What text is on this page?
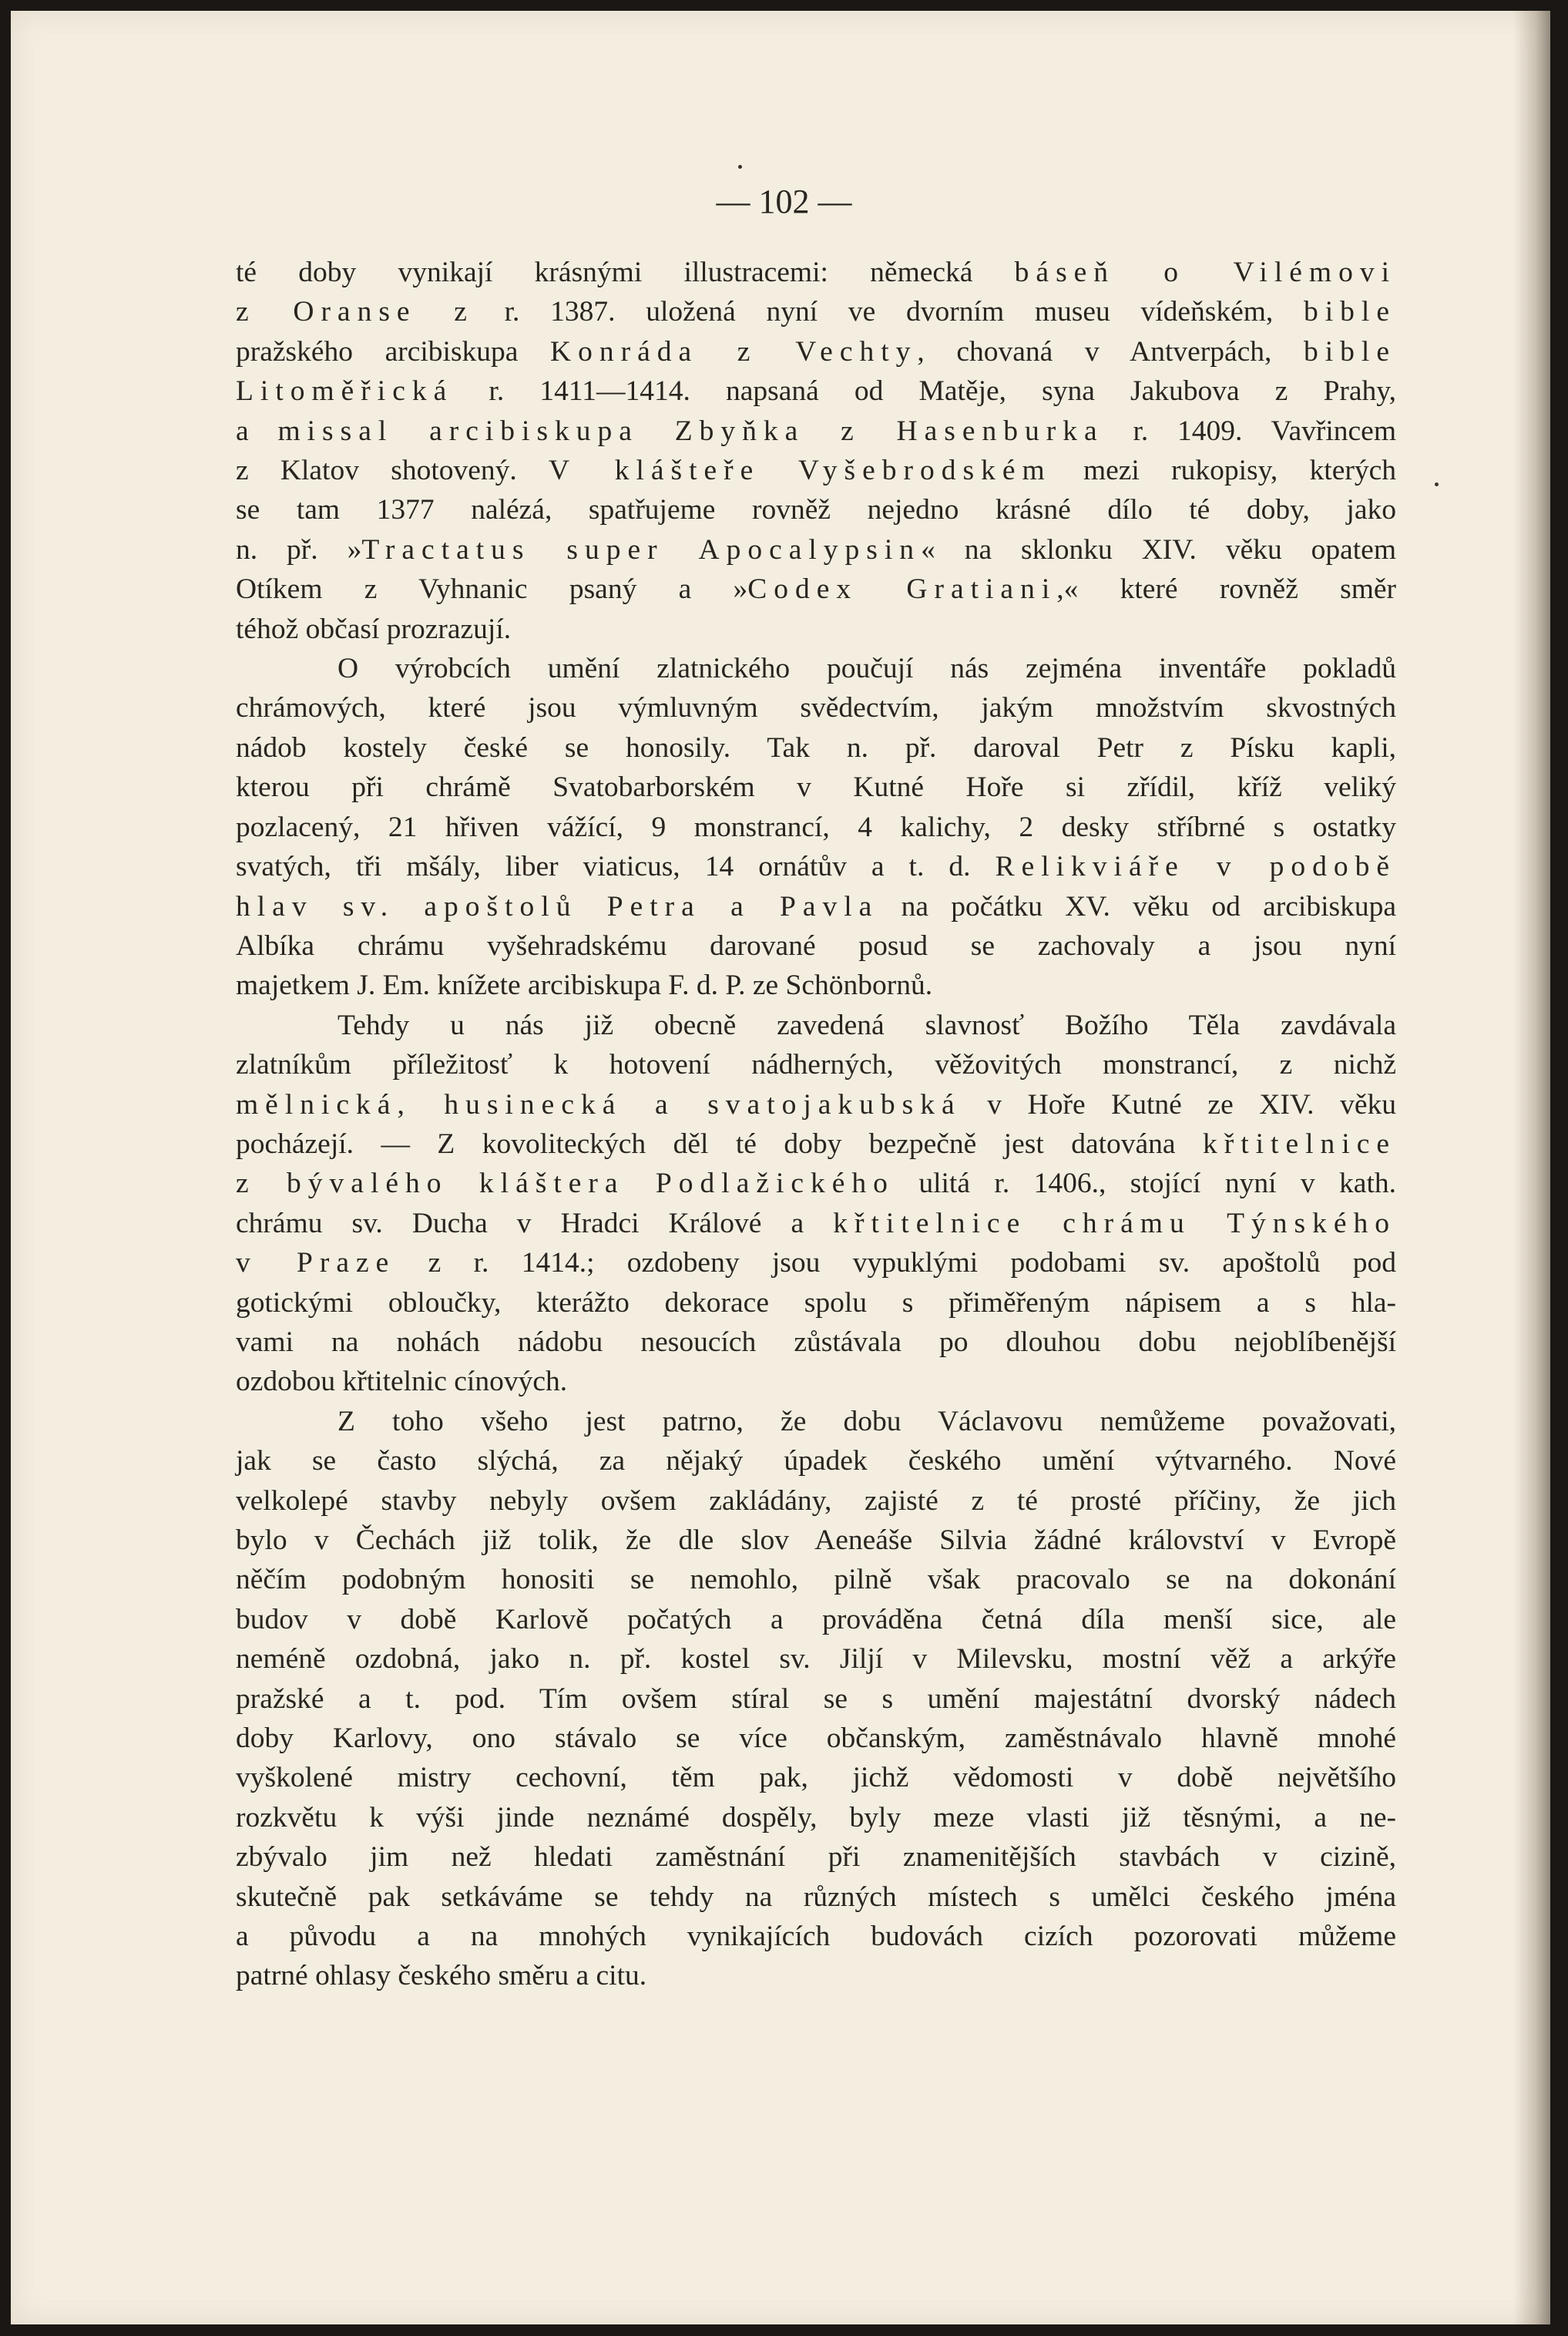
— 102 —

té doby vynikají krásnými illustracemi: německá báseň o Vilémovi

z Oranse z r. 1387. uložená nyní ve dvorním museu vídeňském, bible

pražského arcibiskupa Konráda z Vechty, chovaná v Antverpách, bible

Litoměřická r. 1411—1414. napsaná od Matěje, syna Jakubova z Prahy,

a missal arcibiskupa Zbyňka z Hasenburka r. 1409. Vavřincem

z Klatov shotovený. V klášteře Vyšebrodském mezi rukopisy, kterých

se tam 1377 nalézá, spatřujeme rovněž nejedno krásné dílo té doby, jako

n. př. »Tractatus super Apocalypsin« na sklonku XIV. věku opatem

Otíkem z Vyhnanic psaný a »Codex Gratiani,« které rovněž směr

téhož občasí prozrazují.

O výrobcích umění zlatnického poučují nás zejména inventáře pokladů

chrámových, které jsou výmluvným svědectvím, jakým množstvím skvostných

nádob kostely české se honosily. Tak n. př. daroval Petr z Písku kapli,

kterou při chrámě Svatobarborském v Kutné Hoře si zřídil, kříž veliký

pozlacený, 21 hřiven vážící, 9 monstrancí, 4 kalichy, 2 desky stříbrné s ostatky

svatých, tři mšály, liber viaticus, 14 ornátův a t. d. Relikviáře v podobě

hlav sv. apoštolů Petra a Pavla na počátku XV. věku od arcibiskupa

Albíka chrámu vyšehradskému darované posud se zachovaly a jsou nyní

majetkem J. Em. knížete arcibiskupa F. d. P. ze Schönbornů.

Tehdy u nás již obecně zavedená slavnosť Božího Těla zavdávala

zlatníkům příležitosť k hotovení nádherných, věžovitých monstrancí, z nichž

mělnická, husinecká a svatojakubská v Hoře Kutné ze XIV. věku

pocházejí. — Z kovoliteckých děl té doby bezpečně jest datována křtitelnice

z bývalého kláštera Podlažického ulitá r. 1406., stojící nyní v kath.

chrámu sv. Ducha v Hradci Králové a křtitelnice chrámu Týnského

v Praze z r. 1414.; ozdobeny jsou vypuklými podobami sv. apoštolů pod

gotickými obloučky, kterážto dekorace spolu s přiměřeným nápisem a s hla-

vami na nohách nádobu nesoucích zůstávala po dlouhou dobu nejoblíbenější

ozdobou křtitelnic cínových.

Z toho všeho jest patrno, že dobu Václavovu nemůžeme považovati,

jak se často slýchá, za nějaký úpadek českého umění výtvarného. Nové

velkolepé stavby nebyly ovšem zakládány, zajisté z té prosté příčiny, že jich

bylo v Čechách již tolik, že dle slov Aeneáše Silvia žádné království v Evropě

něčím podobným honositi se nemohlo, pilně však pracovalo se na dokonání

budov v době Karlově počatých a prováděna četná díla menší sice, ale

neméně ozdobná, jako n. př. kostel sv. Jiljí v Milevsku, mostní věž a arkýře

pražské a t. pod. Tím ovšem stíral se s umění majestátní dvorský nádech

doby Karlovy, ono stávalo se více občanským, zaměstnávalo hlavně mnohé

vyškolené mistry cechovní, těm pak, jichž vědomosti v době největšího

rozkvětu k výši jinde neznámé dospěly, byly meze vlasti již těsnými, a ne-

zbývalo jim než hledati zaměstnání při znamenitějších stavbách v cizině,

skutečně pak setkáváme se tehdy na různých místech s umělci českého jména

a původu a na mnohých vynikajících budovách cizích pozorovati můžeme

patrné ohlasy českého směru a citu.
